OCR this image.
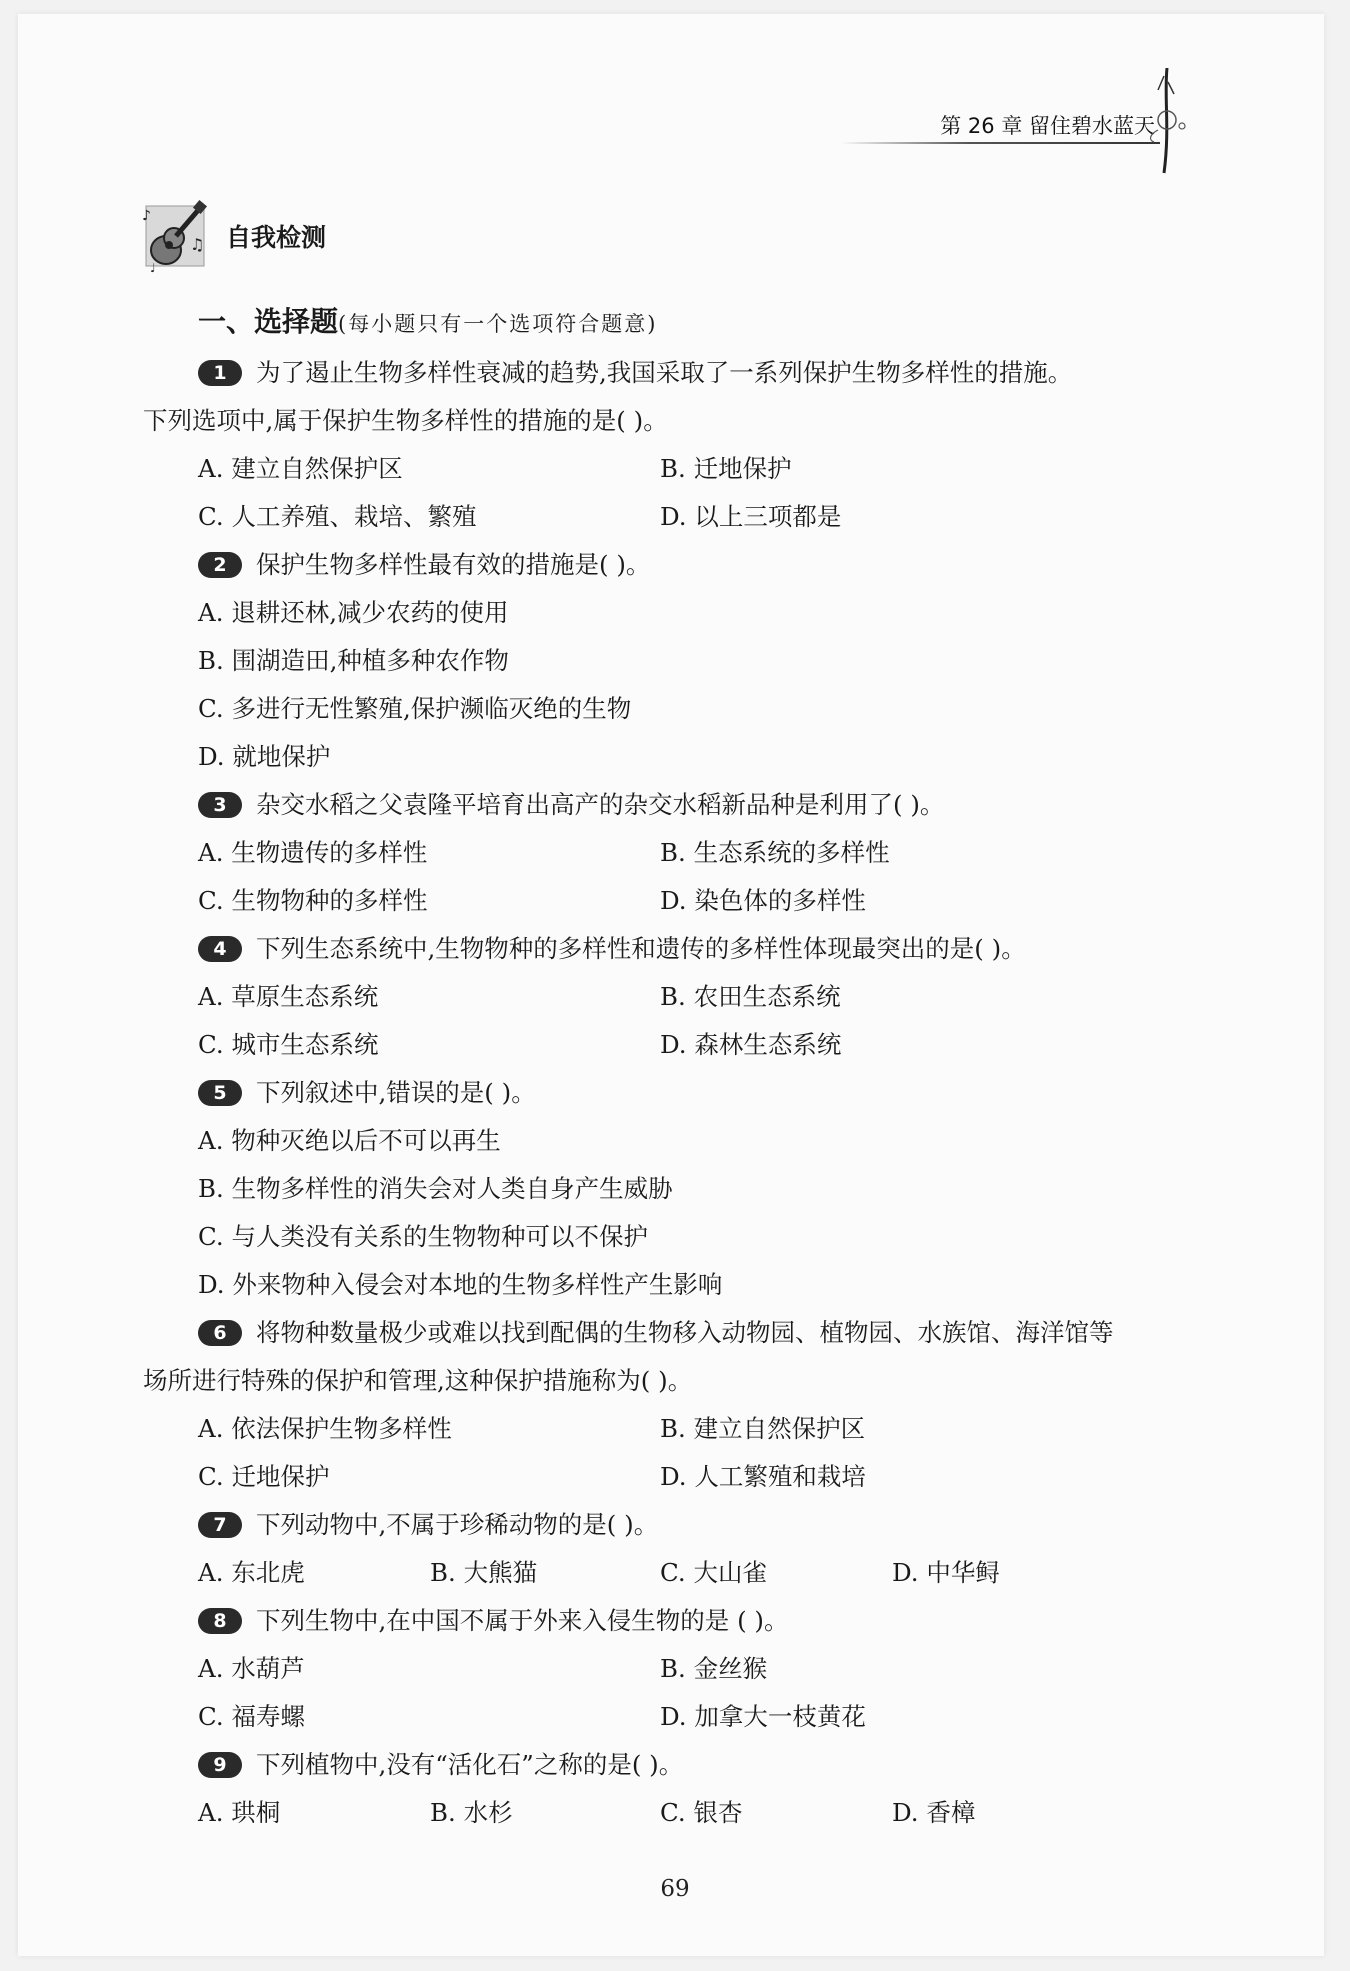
第 26 章 留住碧水蓝天
♪
♫
♩
自我检测
一、选择题(每小题只有一个选项符合题意)
1 为了遏止生物多样性衰减的趋势,我国采取了一系列保护生物多样性的措施。
下列选项中,属于保护生物多样性的措施的是( )。
A. 建立自然保护区	B. 迁地保护
C. 人工养殖、栽培、繁殖	D. 以上三项都是
2 保护生物多样性最有效的措施是( )。
A. 退耕还林,减少农药的使用
B. 围湖造田,种植多种农作物
C. 多进行无性繁殖,保护濒临灭绝的生物
D. 就地保护
3 杂交水稻之父袁隆平培育出高产的杂交水稻新品种是利用了( )。
A. 生物遗传的多样性	B. 生态系统的多样性
C. 生物物种的多样性	D. 染色体的多样性
4 下列生态系统中,生物物种的多样性和遗传的多样性体现最突出的是( )。
A. 草原生态系统	B. 农田生态系统
C. 城市生态系统	D. 森林生态系统
5 下列叙述中,错误的是( )。
A. 物种灭绝以后不可以再生
B. 生物多样性的消失会对人类自身产生威胁
C. 与人类没有关系的生物物种可以不保护
D. 外来物种入侵会对本地的生物多样性产生影响
6 将物种数量极少或难以找到配偶的生物移入动物园、植物园、水族馆、海洋馆等
场所进行特殊的保护和管理,这种保护措施称为( )。
A. 依法保护生物多样性	B. 建立自然保护区
C. 迁地保护	D. 人工繁殖和栽培
7 下列动物中,不属于珍稀动物的是( )。
A. 东北虎	B. 大熊猫	C. 大山雀	D. 中华鲟
8 下列生物中,在中国不属于外来入侵生物的是 ( )。
A. 水葫芦	B. 金丝猴
C. 福寿螺	D. 加拿大一枝黄花
9 下列植物中,没有“活化石”之称的是( )。
A. 珙桐	B. 水杉	C. 银杏	D. 香樟
69
